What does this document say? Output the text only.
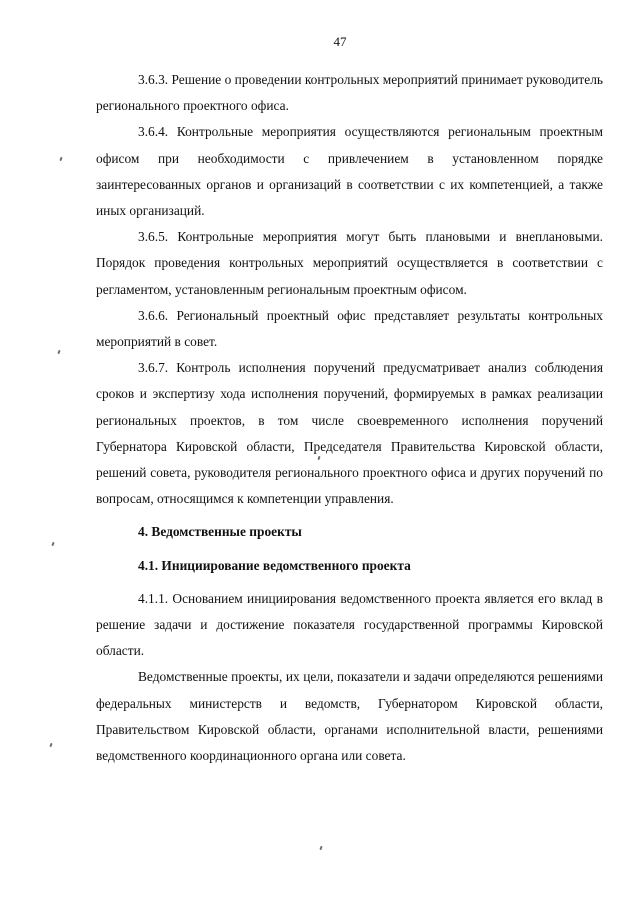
47

3.6.3. Решение о проведении контрольных мероприятий принимает руководитель регионального проектного офиса.

3.6.4. Контрольные мероприятия осуществляются региональным проектным офисом при необходимости с привлечением в установленном порядке заинтересованных органов и организаций в соответствии с их компетенцией, а также иных организаций.

3.6.5. Контрольные мероприятия могут быть плановыми и внеплановыми. Порядок проведения контрольных мероприятий осуществляется в соответствии с регламентом, установленным региональным проектным офисом.

3.6.6. Региональный проектный офис представляет результаты контрольных мероприятий в совет.

3.6.7. Контроль исполнения поручений предусматривает анализ соблюдения сроков и экспертизу хода исполнения поручений, формируемых в рамках реализации региональных проектов, в том числе своевременного исполнения поручений Губернатора Кировской области, Председателя Правительства Кировской области, решений совета, руководителя регионального проектного офиса и других поручений по вопросам, относящимся к компетенции управления.

4. Ведомственные проекты

4.1. Инициирование ведомственного проекта

4.1.1. Основанием инициирования ведомственного проекта является его вклад в решение задачи и достижение показателя государственной программы Кировской области.

Ведомственные проекты, их цели, показатели и задачи определяются решениями федеральных министерств и ведомств, Губернатором Кировской области, Правительством Кировской области, органами исполнительной власти, решениями ведомственного координационного органа или совета.
